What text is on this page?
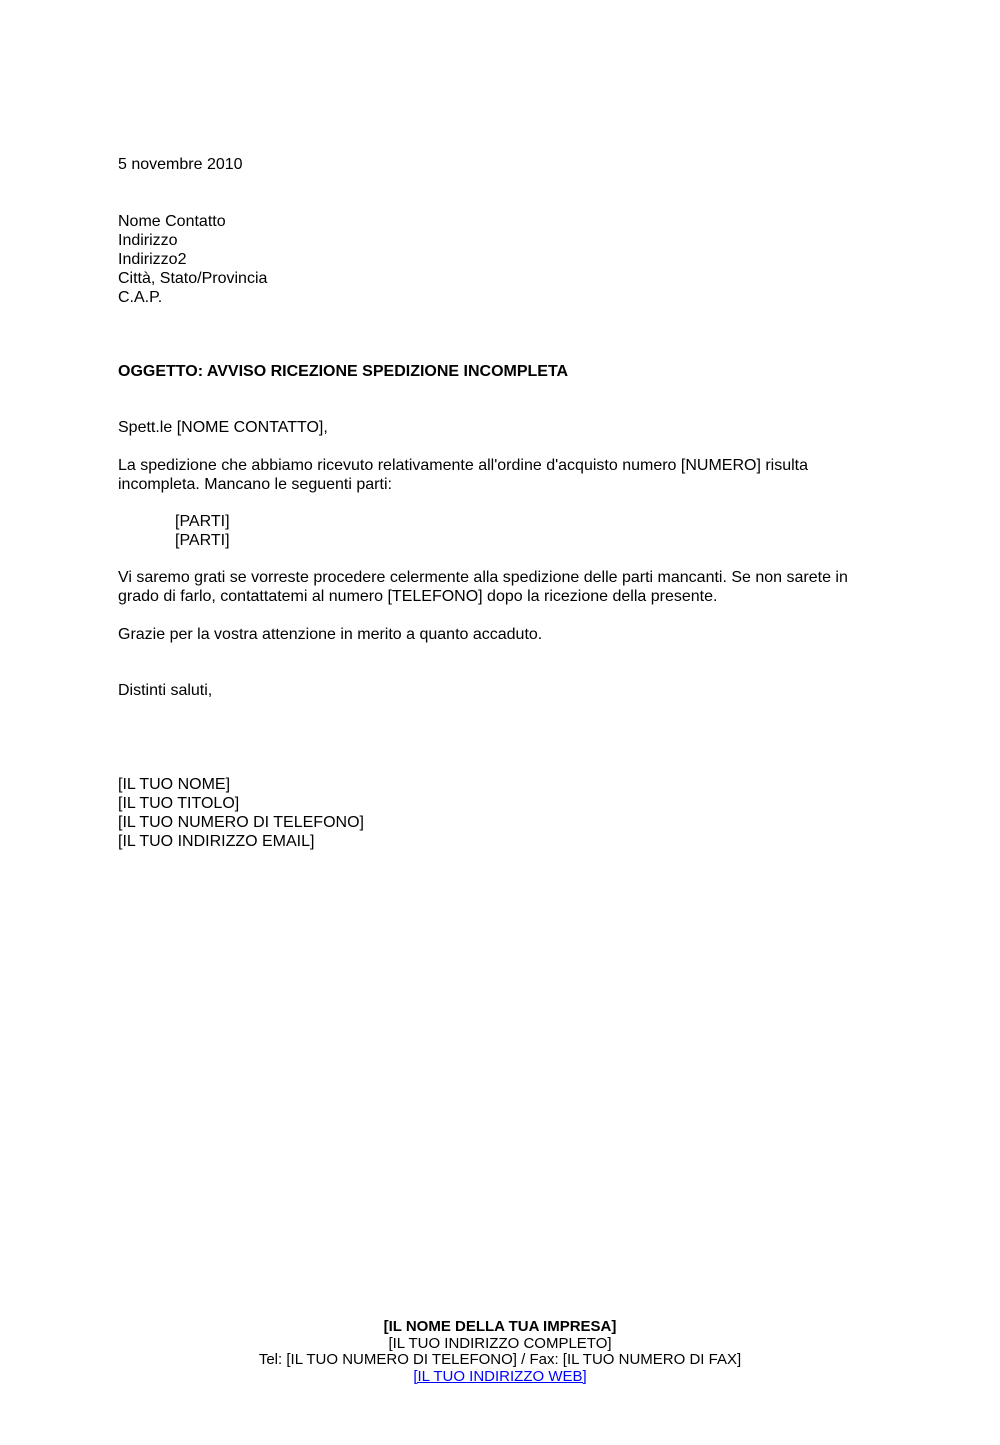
5 novembre 2010
Nome Contatto
Indirizzo
Indirizzo2
Città, Stato/Provincia
C.A.P.
OGGETTO: AVVISO RICEZIONE SPEDIZIONE INCOMPLETA
Spett.le [NOME CONTATTO],
La spedizione che abbiamo ricevuto relativamente all'ordine d'acquisto numero [NUMERO] risulta
incompleta. Mancano le seguenti parti:
[PARTI]
[PARTI]
Vi saremo grati se vorreste procedere celermente alla spedizione delle parti mancanti. Se non sarete in
grado di farlo, contattatemi al numero [TELEFONO] dopo la ricezione della presente.
Grazie per la vostra attenzione in merito a quanto accaduto.
Distinti saluti,
[IL TUO NOME]
[IL TUO TITOLO]
[IL TUO NUMERO DI TELEFONO]
[IL TUO INDIRIZZO EMAIL]
[IL NOME DELLA TUA IMPRESA]
[IL TUO INDIRIZZO COMPLETO]
Tel: [IL TUO NUMERO DI TELEFONO] / Fax: [IL TUO NUMERO DI FAX]
[IL TUO INDIRIZZO WEB]
